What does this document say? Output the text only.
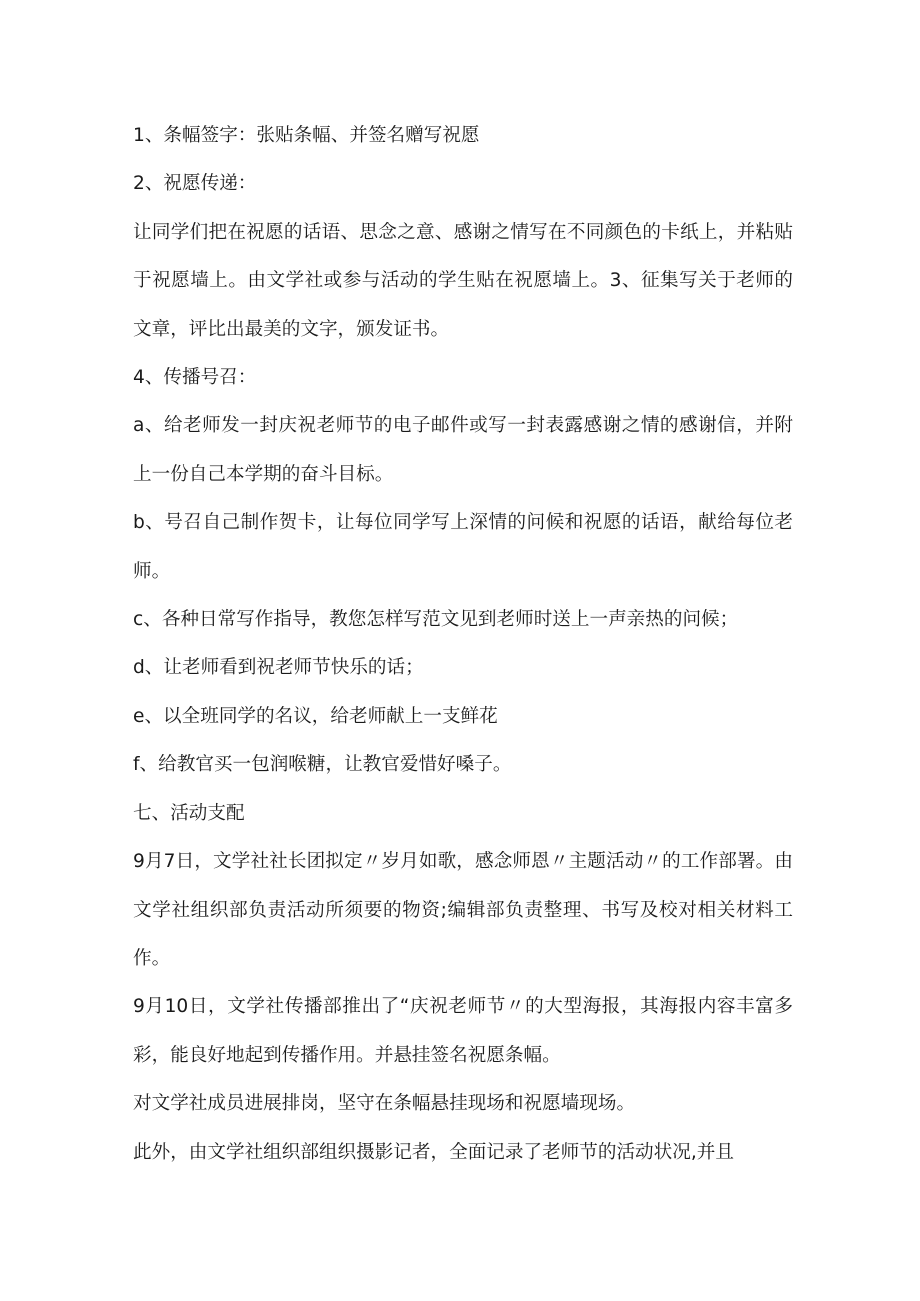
1、条幅签字：张贴条幅、并签名赠写祝愿

2、祝愿传递：

让同学们把在祝愿的话语、思念之意、感谢之情写在不同颜色的卡纸上，并粘贴于祝愿墙上。由文学社或参与活动的学生贴在祝愿墙上。3、征集写关于老师的文章，评比出最美的文字，颁发证书。

4、传播号召：

a、给老师发一封庆祝老师节的电子邮件或写一封表露感谢之情的感谢信，并附上一份自己本学期的奋斗目标。

b、号召自己制作贺卡，让每位同学写上深情的问候和祝愿的话语，献给每位老师。

c、各种日常写作指导，教您怎样写范文见到老师时送上一声亲热的问候；

d、让老师看到祝老师节快乐的话；

e、以全班同学的名议，给老师献上一支鲜花

f、给教官买一包润喉糖，让教官爱惜好嗓子。

七、活动支配

9月7日，文学社社长团拟定〃岁月如歌，感念师恩〃主题活动〃的工作部署。由文学社组织部负责活动所须要的物资;编辑部负责整理、书写及校对相关材料工作。

9月10日，文学社传播部推出了“庆祝老师节〃的大型海报，其海报内容丰富多彩，能良好地起到传播作用。并悬挂签名祝愿条幅。

对文学社成员进展排岗，坚守在条幅悬挂现场和祝愿墙现场。

此外，由文学社组织部组织摄影记者，全面记录了老师节的活动状况,并且
